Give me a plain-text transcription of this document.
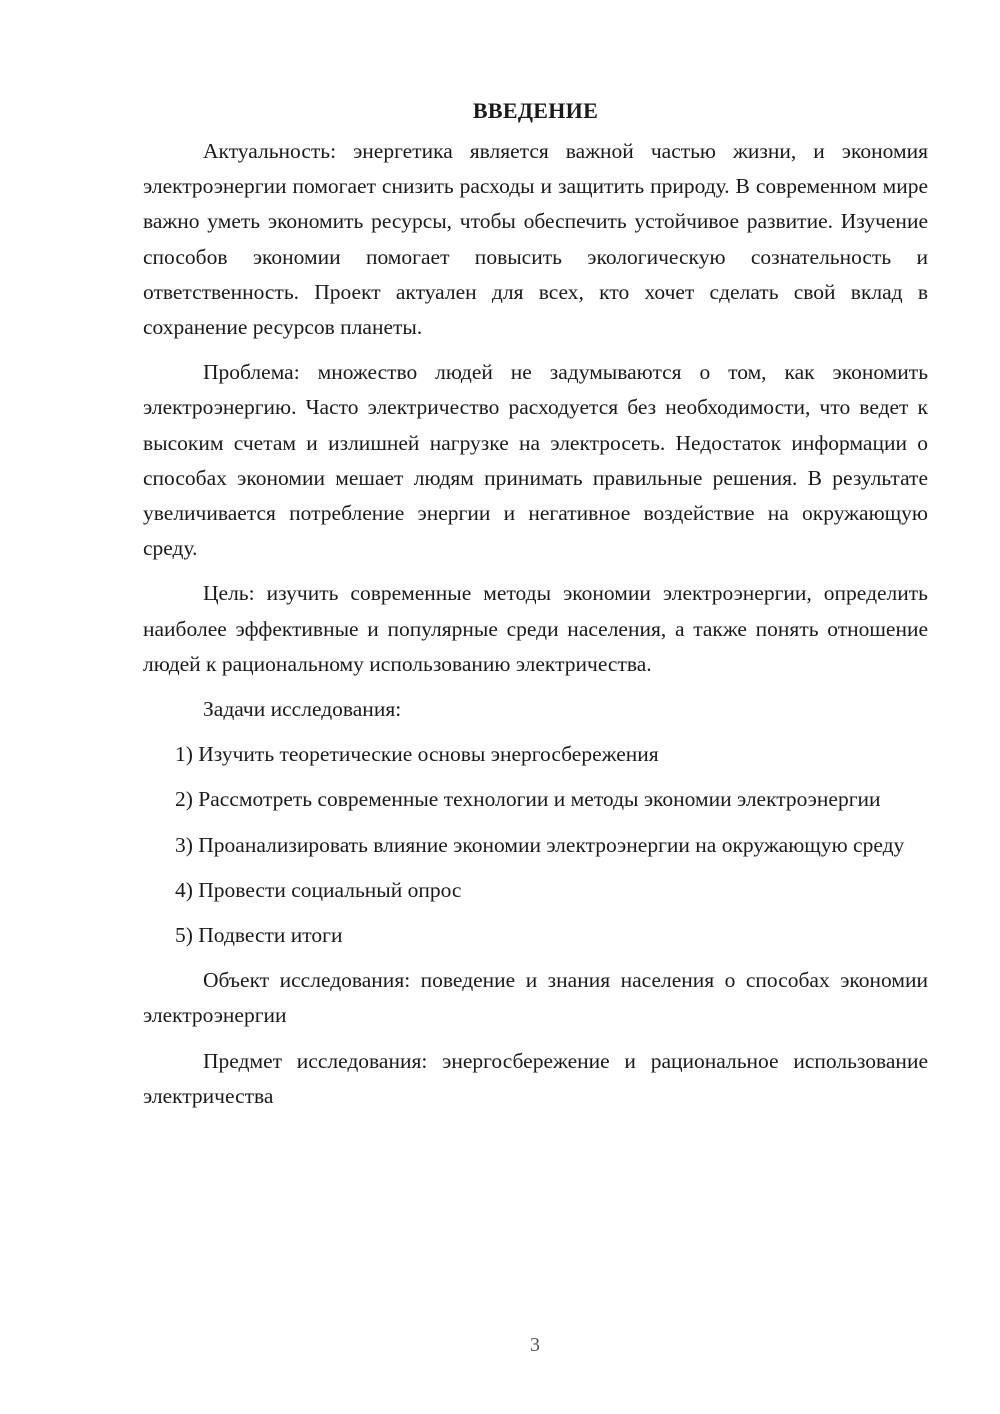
ВВЕДЕНИЕ

Актуальность: энергетика является важной частью жизни, и экономия электроэнергии помогает снизить расходы и защитить природу. В современном мире важно уметь экономить ресурсы, чтобы обеспечить устойчивое развитие. Изучение способов экономии помогает повысить экологическую сознательность и ответственность. Проект актуален для всех, кто хочет сделать свой вклад в сохранение ресурсов планеты.

Проблема: множество людей не задумываются о том, как экономить электроэнергию. Часто электричество расходуется без необходимости, что ведет к высоким счетам и излишней нагрузке на электросеть. Недостаток информации о способах экономии мешает людям принимать правильные решения. В результате увеличивается потребление энергии и негативное воздействие на окружающую среду.

Цель: изучить современные методы экономии электроэнергии, определить наиболее эффективные и популярные среди населения, а также понять отношение людей к рациональному использованию электричества.

Задачи исследования:

1) Изучить теоретические основы энергосбережения

2) Рассмотреть современные технологии и методы экономии электроэнергии

3) Проанализировать влияние экономии электроэнергии на окружающую среду

4) Провести социальный опрос

5) Подвести итоги

Объект исследования: поведение и знания населения о способах экономии электроэнергии

Предмет исследования: энергосбережение и рациональное использование электричества

3
